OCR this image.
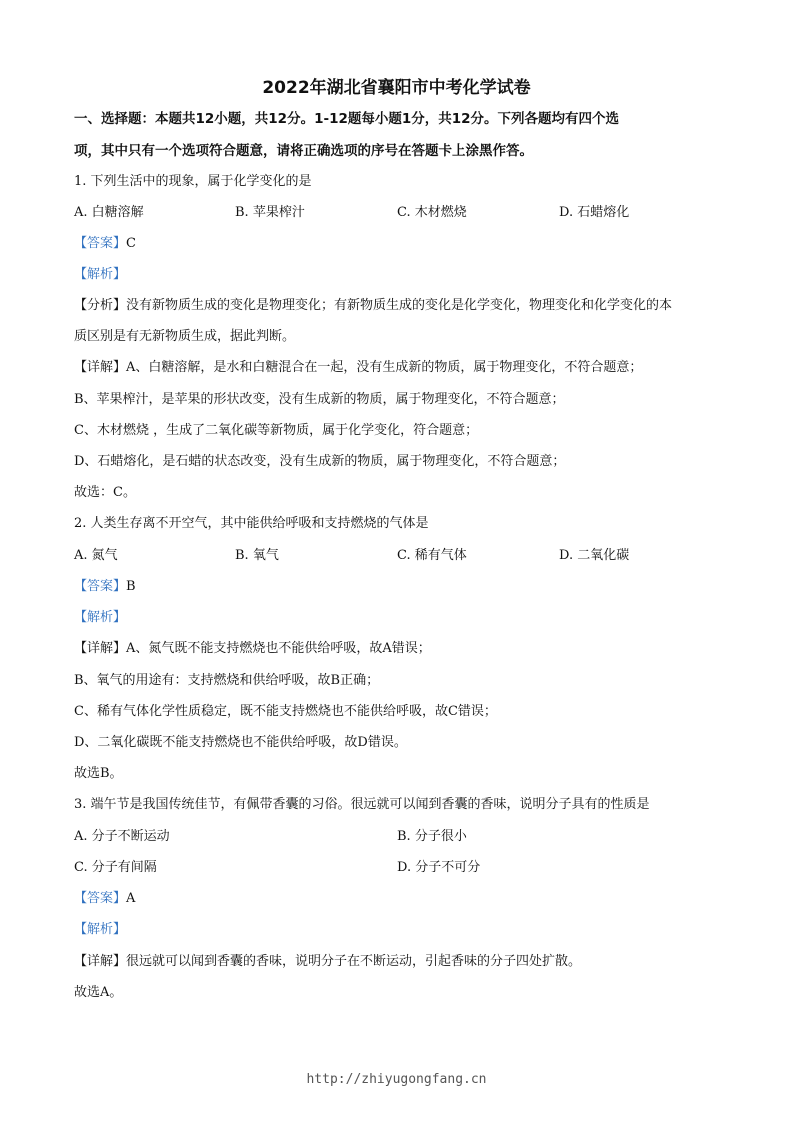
2022年湖北省襄阳市中考化学试卷
一、选择题：本题共12小题，共12分。1-12题每小题1分，共12分。下列各题均有四个选
项，其中只有一个选项符合题意，请将正确选项的序号在答题卡上涂黑作答。
1. 下列生活中的现象，属于化学变化的是
A. 白糖溶解	B. 苹果榨汁	C. 木材燃烧	D. 石蜡熔化
【答案】C
【解析】
【分析】没有新物质生成的变化是物理变化；有新物质生成的变化是化学变化，物理变化和化学变化的本
质区别是有无新物质生成，据此判断。
【详解】A、白糖溶解，是水和白糖混合在一起，没有生成新的物质，属于物理变化，不符合题意；
B、苹果榨汁，是苹果的形状改变，没有生成新的物质，属于物理变化，不符合题意；
C、木材燃烧 ，生成了二氧化碳等新物质，属于化学变化，符合题意；
D、石蜡熔化，是石蜡的状态改变，没有生成新的物质，属于物理变化，不符合题意；
故选：C。
2. 人类生存离不开空气，其中能供给呼吸和支持燃烧的气体是
A. 氮气	B. 氧气	C. 稀有气体	D. 二氧化碳
【答案】B
【解析】
【详解】A、氮气既不能支持燃烧也不能供给呼吸，故A错误；
B、氧气的用途有：支持燃烧和供给呼吸，故B正确；
C、稀有气体化学性质稳定，既不能支持燃烧也不能供给呼吸，故C错误；
D、二氧化碳既不能支持燃烧也不能供给呼吸，故D错误。
故选B。
3. 端午节是我国传统佳节，有佩带香囊的习俗。很远就可以闻到香囊的香味，说明分子具有的性质是
A. 分子不断运动	B. 分子很小
C. 分子有间隔	D. 分子不可分
【答案】A
【解析】
【详解】很远就可以闻到香囊的香味，说明分子在不断运动，引起香味的分子四处扩散。
故选A。
http://zhiyugongfang.cn
